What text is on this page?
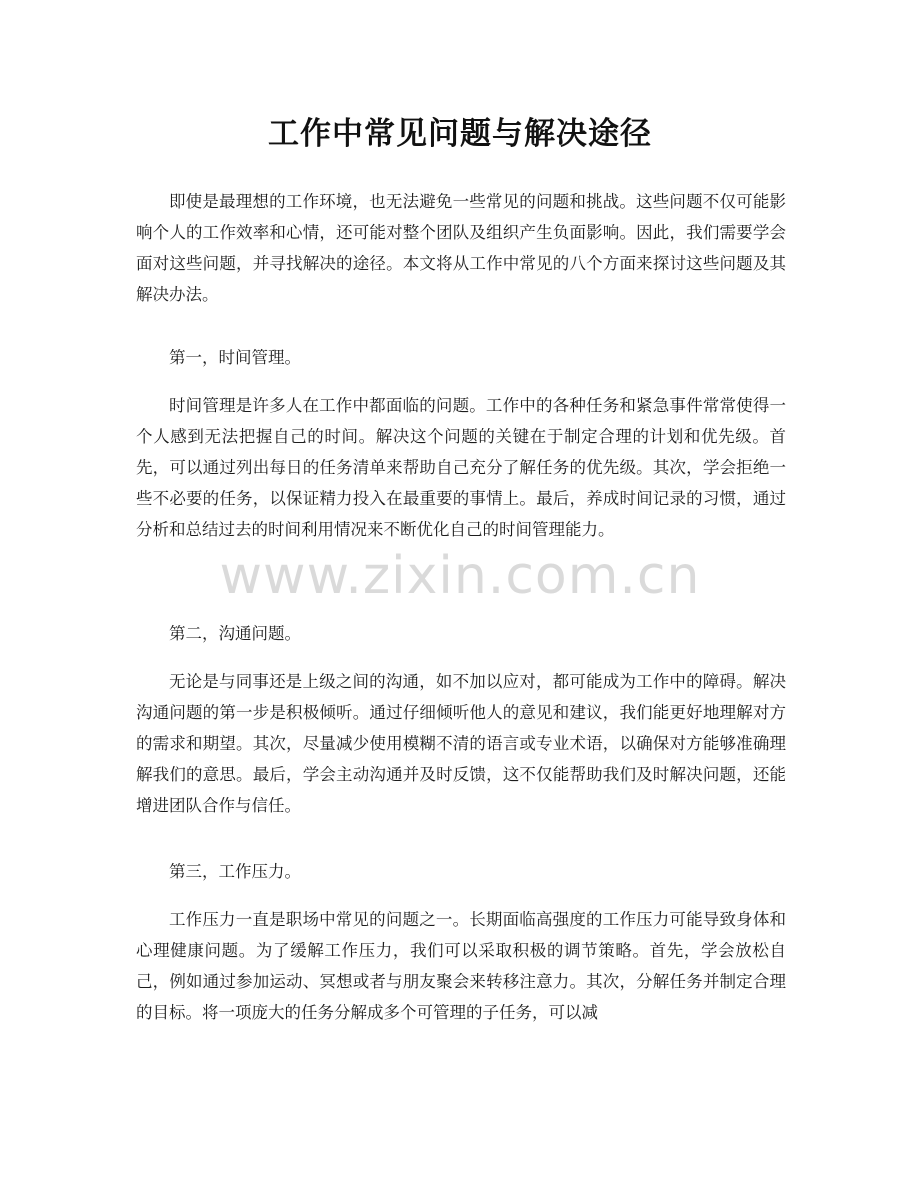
工作中常见问题与解决途径

即使是最理想的工作环境，也无法避免一些常见的问题和挑战。这些问题不仅可能影响个人的工作效率和心情，还可能对整个团队及组织产生负面影响。因此，我们需要学会面对这些问题，并寻找解决的途径。本文将从工作中常见的八个方面来探讨这些问题及其解决办法。

第一，时间管理。

时间管理是许多人在工作中都面临的问题。工作中的各种任务和紧急事件常常使得一个人感到无法把握自己的时间。解决这个问题的关键在于制定合理的计划和优先级。首先，可以通过列出每日的任务清单来帮助自己充分了解任务的优先级。其次，学会拒绝一些不必要的任务，以保证精力投入在最重要的事情上。最后，养成时间记录的习惯，通过分析和总结过去的时间利用情况来不断优化自己的时间管理能力。

第二，沟通问题。

无论是与同事还是上级之间的沟通，如不加以应对，都可能成为工作中的障碍。解决沟通问题的第一步是积极倾听。通过仔细倾听他人的意见和建议，我们能更好地理解对方的需求和期望。其次，尽量减少使用模糊不清的语言或专业术语，以确保对方能够准确理解我们的意思。最后，学会主动沟通并及时反馈，这不仅能帮助我们及时解决问题，还能增进团队合作与信任。

第三，工作压力。

工作压力一直是职场中常见的问题之一。长期面临高强度的工作压力可能导致身体和心理健康问题。为了缓解工作压力，我们可以采取积极的调节策略。首先，学会放松自己，例如通过参加运动、冥想或者与朋友聚会来转移注意力。其次，分解任务并制定合理的目标。将一项庞大的任务分解成多个可管理的子任务，可以减

www.zixin.com.cn
